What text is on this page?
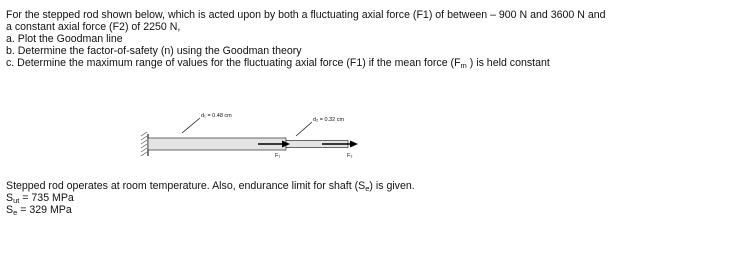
For the stepped rod shown below, which is acted upon by both a fluctuating axial force (F1) of between – 900 N and 3600 N and
a constant axial force (F2) of 2250 N,
a. Plot the Goodman line
b. Determine the factor-of-safety (n) using the Goodman theory
c. Determine the maximum range of values for the fluctuating axial force (F1) if the mean force (Fm ) is held constant
d₁ = 0.48 cm
d₂ = 0.32 cm
F₁	F₂
Stepped rod operates at room temperature. Also, endurance limit for shaft (Se) is given.
Sut = 735 MPa
Se = 329 MPa
